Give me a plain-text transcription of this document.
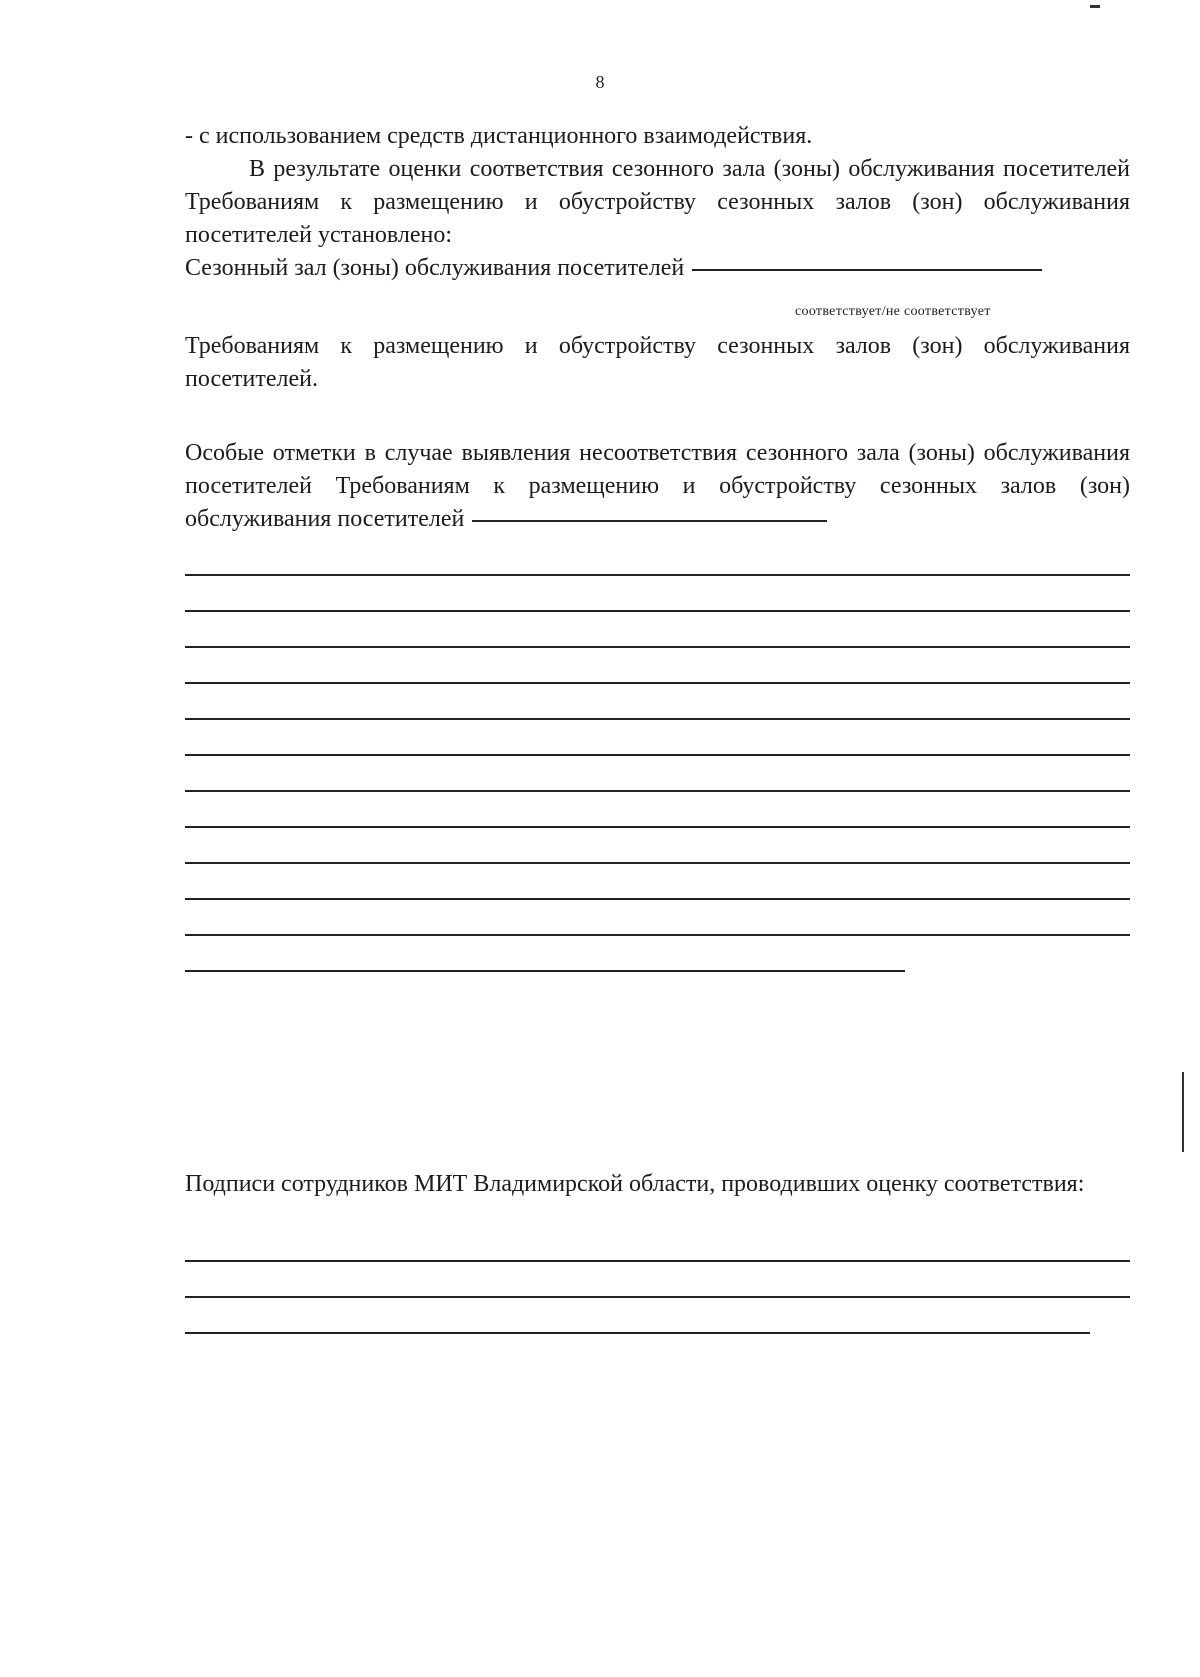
8
- с использованием средств дистанционного взаимодействия.
В результате оценки соответствия сезонного зала (зоны) обслуживания посетителей Требованиям к размещению и обустройству сезонных залов (зон) обслуживания посетителей установлено:
Сезонный зал (зоны) обслуживания посетителей
соответствует/не соответствует
Требованиям к размещению и обустройству сезонных залов (зон) обслуживания посетителей.
Особые отметки в случае выявления несоответствия сезонного зала (зоны) обслуживания посетителей Требованиям к размещению и обустройству сезонных залов (зон) обслуживания посетителей
Подписи сотрудников МИТ Владимирской области, проводивших оценку соответствия:
